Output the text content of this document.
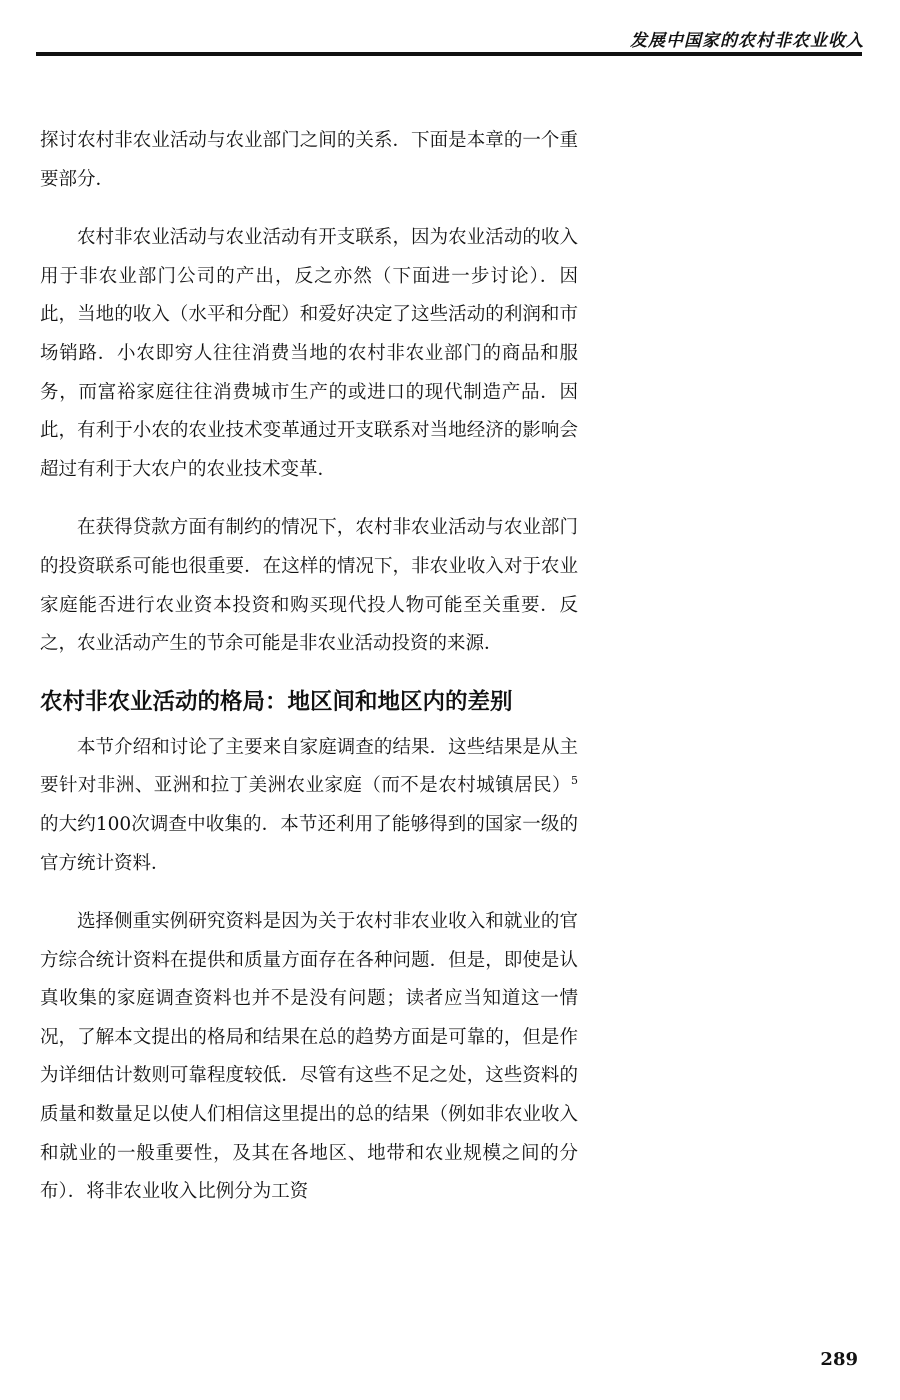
发展中国家的农村非农业收入

探讨农村非农业活动与农业部门之间的关系．下面是本章的一个重要部分．

农村非农业活动与农业活动有开支联系，因为农业活动的收入用于非农业部门公司的产出，反之亦然（下面进一步讨论）．因此，当地的收入（水平和分配）和爱好决定了这些活动的利润和市场销路．小农即穷人往往消费当地的农村非农业部门的商品和服务，而富裕家庭往往消费城市生产的或进口的现代制造产品．因此，有利于小农的农业技术变革通过开支联系对当地经济的影响会超过有利于大农户的农业技术变革．

在获得贷款方面有制约的情况下，农村非农业活动与农业部门的投资联系可能也很重要．在这样的情况下，非农业收入对于农业家庭能否进行农业资本投资和购买现代投人物可能至关重要．反之，农业活动产生的节余可能是非农业活动投资的来源．

农村非农业活动的格局：地区间和地区内的差别

本节介绍和讨论了主要来自家庭调查的结果．这些结果是从主要针对非洲、亚洲和拉丁美洲农业家庭（而不是农村城镇居民）$^5$的大约100次调查中收集的．本节还利用了能够得到的国家一级的官方统计资料．

选择侧重实例研究资料是因为关于农村非农业收入和就业的官方综合统计资料在提供和质量方面存在各种问题．但是，即使是认真收集的家庭调查资料也并不是没有问题；读者应当知道这一情况，了解本文提出的格局和结果在总的趋势方面是可靠的，但是作为详细估计数则可靠程度较低．尽管有这些不足之处，这些资料的质量和数量足以使人们相信这里提出的总的结果（例如非农业收入和就业的一般重要性，及其在各地区、地带和农业规模之间的分布）．将非农业收入比例分为工资

289
